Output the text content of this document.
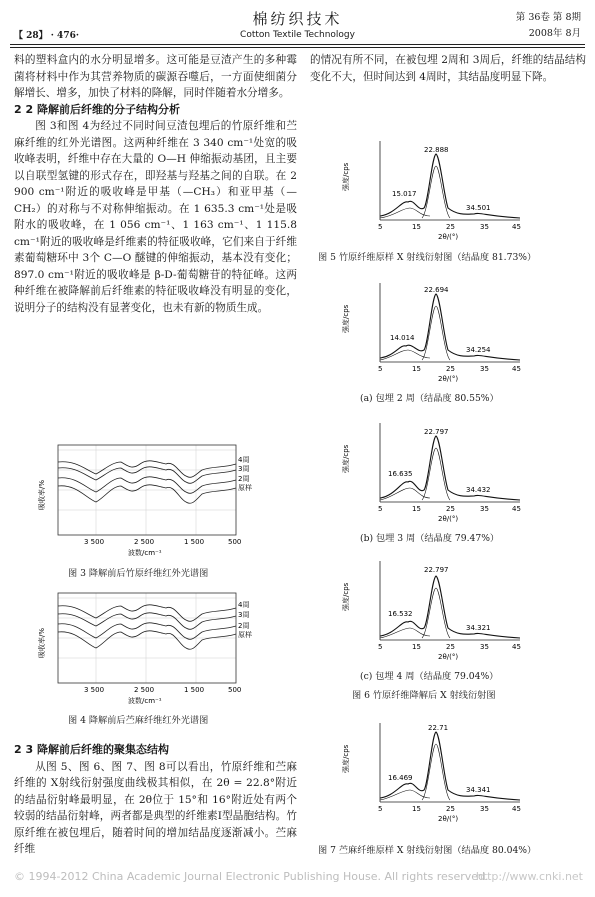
【 28】 · 476·
棉纺织技术
Cotton Textile Technology
第 36卷 第 8期
2008年 8月

料的塑料盒内的水分明显增多。这可能是豆渣产生的多种霉菌将材料中作为其营养物质的碳源吞噬后，一方面使细菌分解增长、增多，加快了材料的降解，同时伴随着水分增多。

2 2 降解前后纤维的分子结构分析

图 3和图 4为经过不同时间豆渣包埋后的竹原纤维和苎麻纤维的红外光谱图。这两种纤维在 3 340 cm⁻¹处宽的吸收峰表明，纤维中存在大量的 O—H 伸缩振动基团，且主要以自联型氢键的形式存在，即羟基与羟基之间的自联。在 2 900 cm⁻¹附近的吸收峰是甲基（—CH₃）和亚甲基（—CH₂）的对称与不对称伸缩振动。在 1 635.3 cm⁻¹处是吸附水的吸收峰，在 1 056 cm⁻¹、1 163 cm⁻¹、1 115.8 cm⁻¹附近的吸收峰是纤维素的特征吸收峰，它们来自于纤维素葡萄糖环中 3个 C—O 醚键的伸缩振动，基本没有变化；897.0 cm⁻¹附近的吸收峰是 β-D-葡萄糖苷的特征峰。这两种纤维在被降解前后纤维素的特征吸收峰没有明显的变化，说明分子的结构没有显著变化，也未有新的物质生成。

吸收率/%
4周
3周
2周
原样
3 500	2 500	1 500	500
波数/cm⁻¹
图 3 降解前后竹原纤维红外光谱图
吸收率/%
4周
3周
2周
原样
3 500	2 500	1 500	500
波数/cm⁻¹
图 4 降解前后苎麻纤维红外光谱图

2 3 降解前后纤维的聚集态结构

从图 5、图 6、图 7、图 8可以看出，竹原纤维和苎麻纤维的 X射线衍射强度曲线极其相似，在 2θ = 22.8°附近的结晶衍射峰最明显，在 2θ位于 15°和 16°附近处有两个较弱的结晶衍射峰，两者都是典型的纤维素Ⅰ型晶胞结构。竹原纤维在被包埋后，随着时间的增加结晶度逐渐减小。苎麻纤维

的情况有所不同，在被包埋 2周和 3周后，纤维的结晶结构变化不大，但时间达到 4周时，其结晶度明显下降。

强度/cps
15.017
22.888
34.501
5	15	25	35	45
2θ/(°)
图 5 竹原纤维原样 X 射线衍射图（结晶度 81.73%）
强度/cps
14.014
22.694
34.254
5	15	25	35	45
2θ/(°)
(a) 包埋 2 周（结晶度 80.55%）
强度/cps
16.635
22.797
34.432
5	15	25	35	45
2θ/(°)
(b) 包埋 3 周（结晶度 79.47%）
强度/cps
16.532
22.797
34.321
5	15	25	35	45
2θ/(°)
(c) 包埋 4 周（结晶度 79.04%）
图 6 竹原纤维降解后 X 射线衍射图
强度/cps
16.469
22.71
34.341
5	15	25	35	45
2θ/(°)
图 7 苎麻纤维原样 X 射线衍射图（结晶度 80.04%）
© 1994-2012 China Academic Journal Electronic Publishing House. All rights reserved.
http://www.cnki.net
